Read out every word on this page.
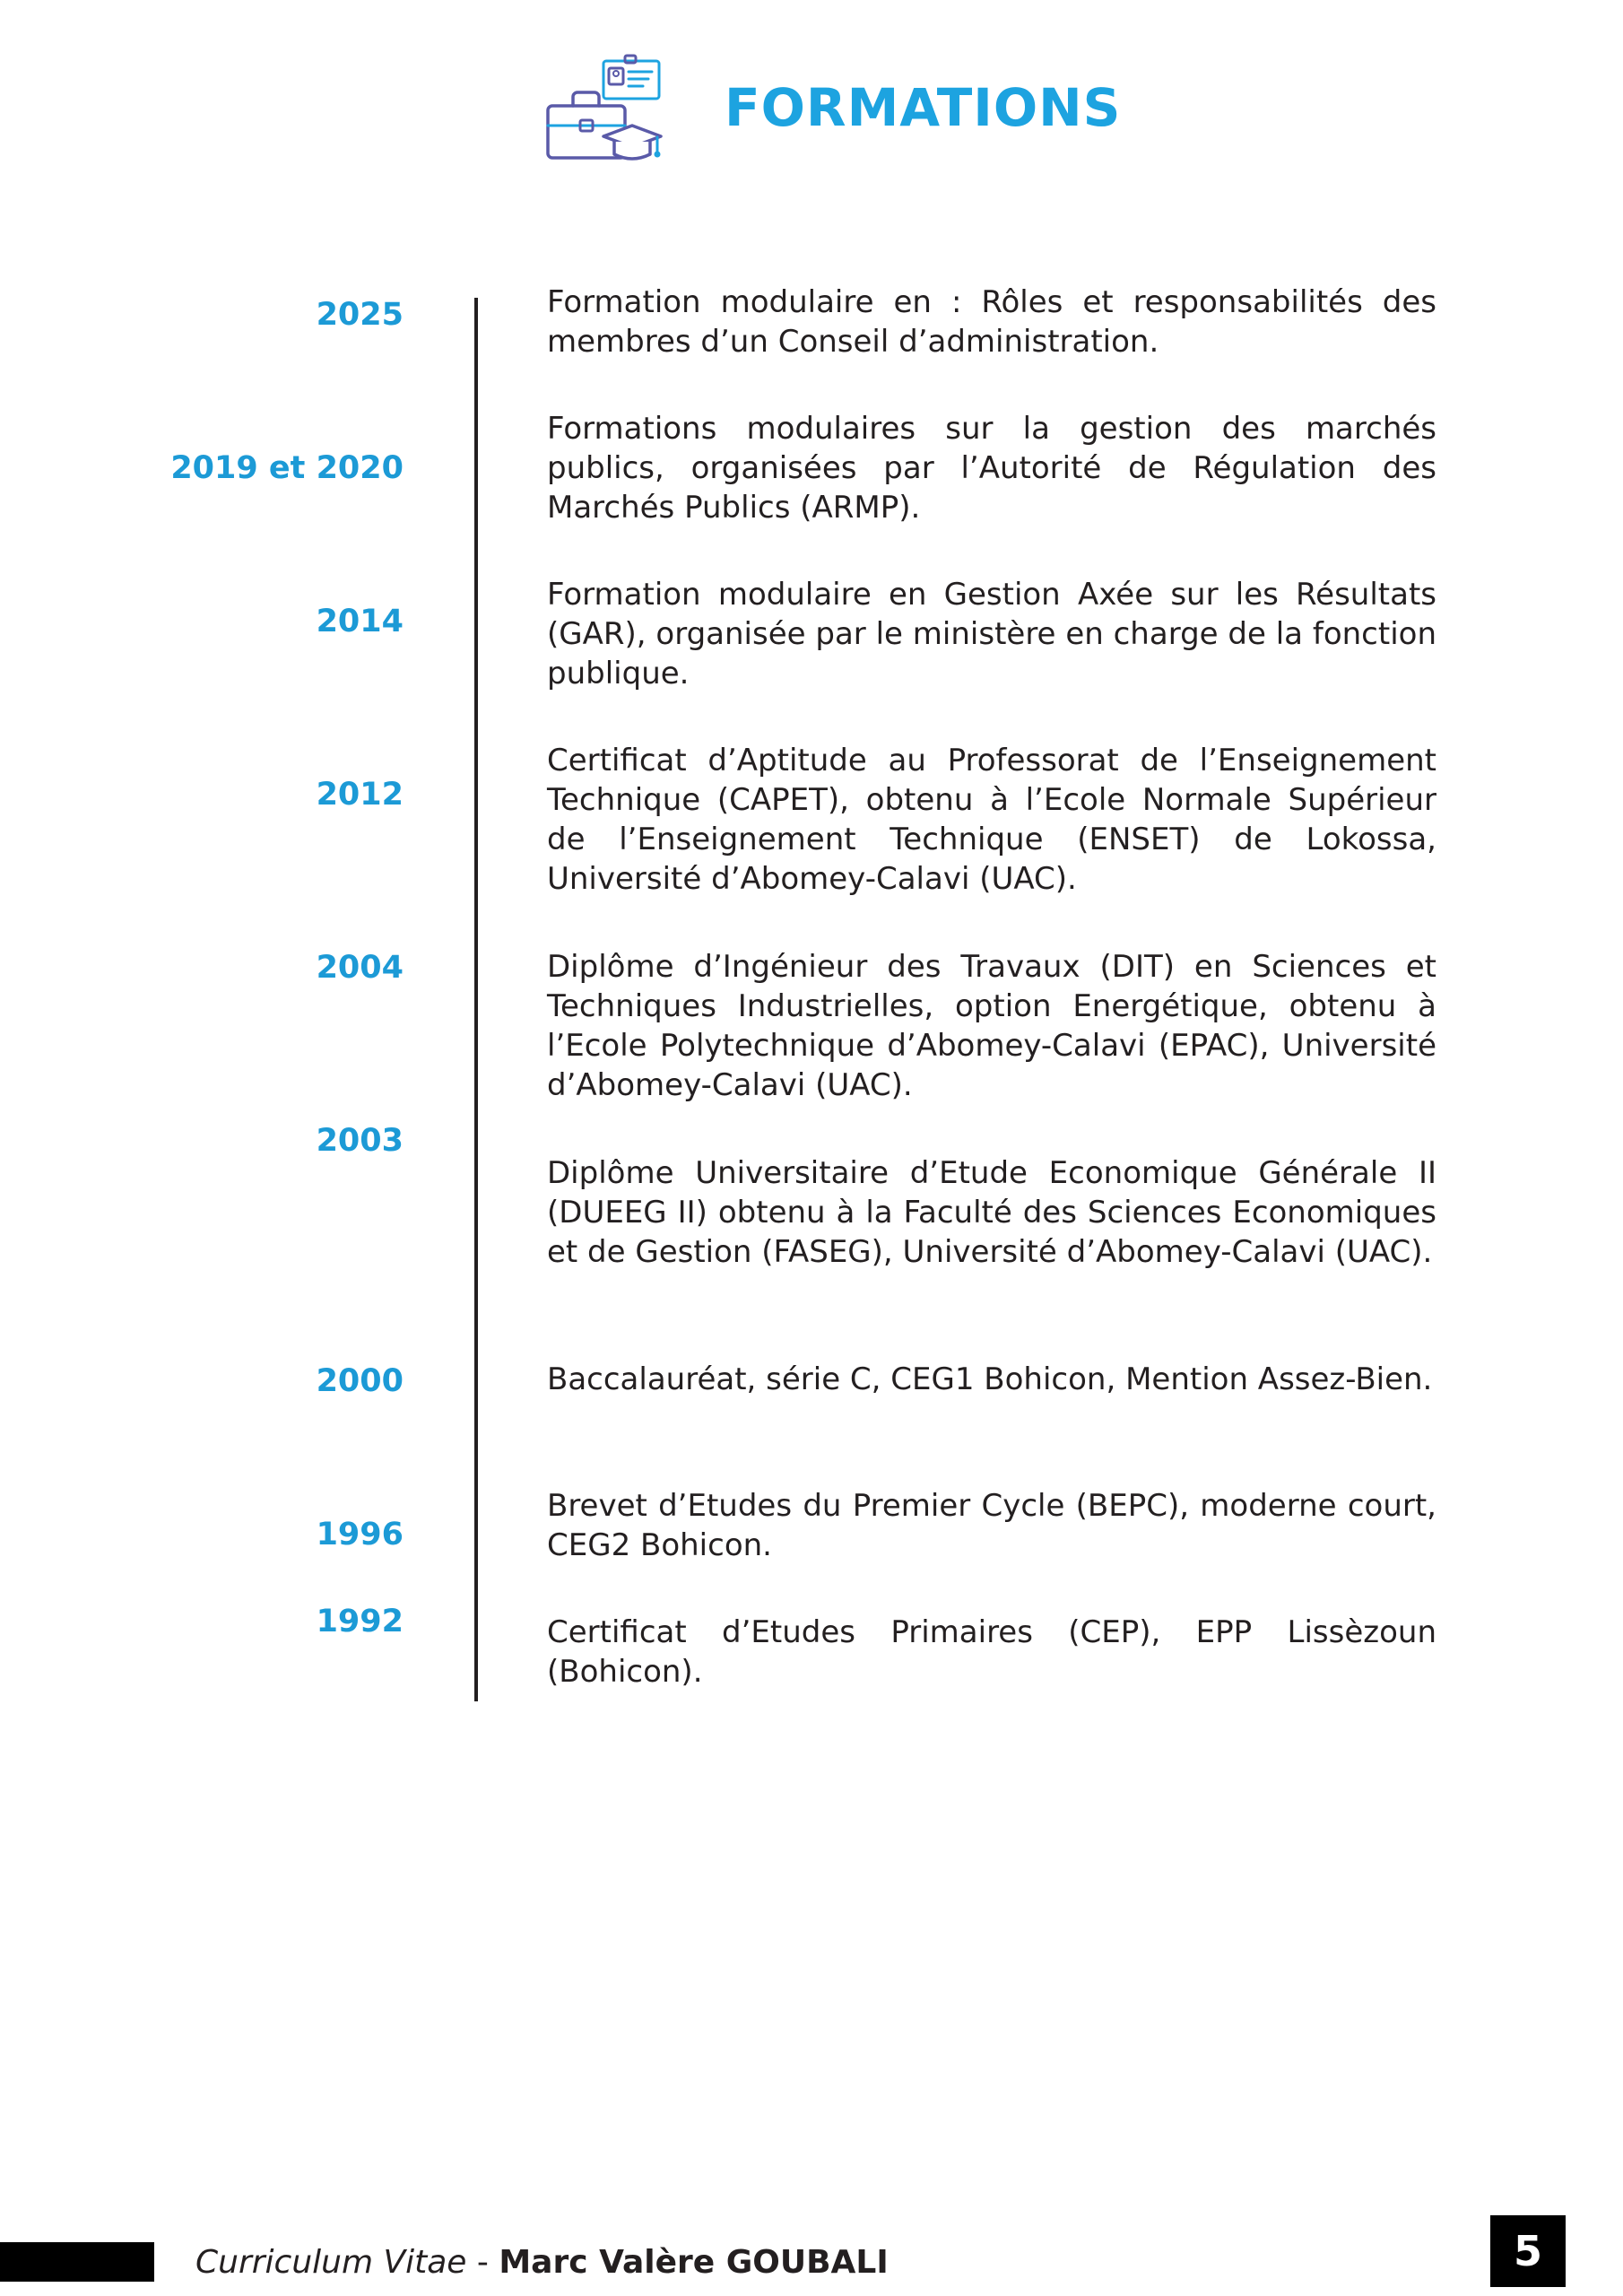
FORMATIONS
2025
2019 et 2020
2014
2012
2004
2003
2000
1996
1992
Formation modulaire en : Rôles et responsabilités des membres d’un Conseil d’administration.
Formations modulaires sur la gestion des marchés publics, organisées par l’Autorité de Régulation des Marchés Publics (ARMP).
Formation modulaire en Gestion Axée sur les Résultats (GAR), organisée par le ministère en charge de la fonction publique.
Certificat d’Aptitude au Professorat de l’Enseignement Technique (CAPET), obtenu à l’Ecole Normale Supérieur de l’Enseignement Technique (ENSET) de Lokossa, Université d’Abomey-Calavi (UAC).
Diplôme d’Ingénieur des Travaux (DIT) en Sciences et Techniques Industrielles, option Energétique, obtenu à l’Ecole Polytechnique d’Abomey-Calavi (EPAC), Université d’Abomey-Calavi (UAC).
Diplôme Universitaire d’Etude Economique Générale II (DUEEG II) obtenu à la Faculté des Sciences Economiques et de Gestion (FASEG), Université d’Abomey-Calavi (UAC).
Baccalauréat, série C, CEG1 Bohicon, Mention Assez-Bien.
Brevet d’Etudes du Premier Cycle (BEPC), moderne court, CEG2 Bohicon.
Certificat d’Etudes Primaires (CEP), EPP Lissèzoun (Bohicon).
Curriculum Vitae - Marc Valère GOUBALI	5
